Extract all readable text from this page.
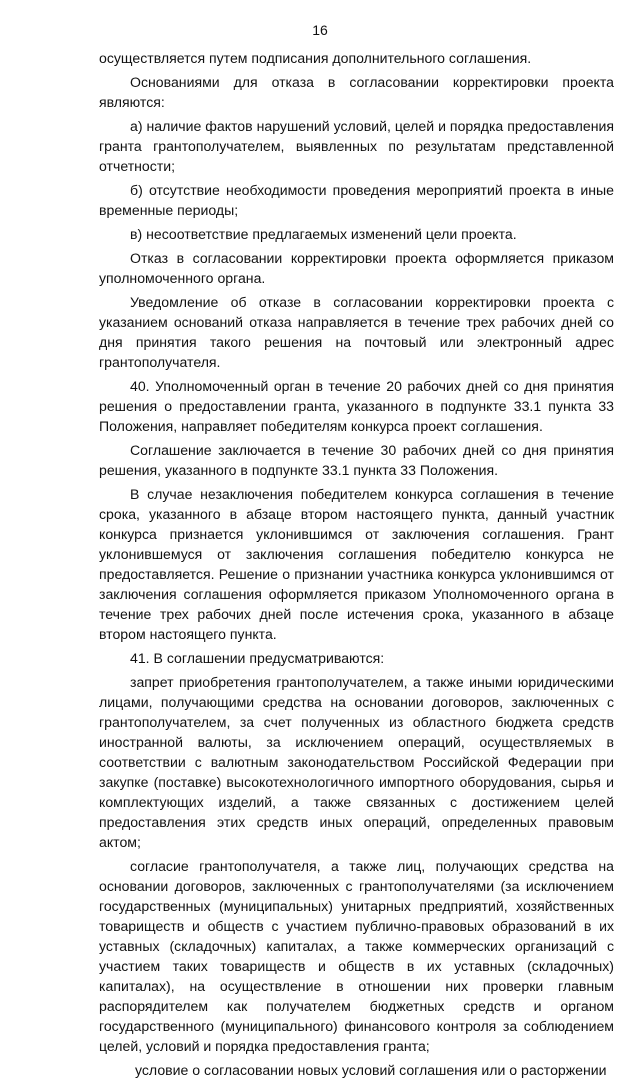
16

осуществляется путем подписания дополнительного соглашения.

Основаниями для отказа в согласовании корректировки проекта являются:

а) наличие фактов нарушений условий, целей и порядка предоставления гранта грантополучателем, выявленных по результатам представленной отчетности;

б) отсутствие необходимости проведения мероприятий проекта в иные временные периоды;

в) несоответствие предлагаемых изменений цели проекта.

Отказ в согласовании корректировки проекта оформляется приказом уполномоченного органа.

Уведомление об отказе в согласовании корректировки проекта с указанием оснований отказа направляется в течение трех рабочих дней со дня принятия такого решения на почтовый или электронный адрес грантополучателя.

40. Уполномоченный орган в течение 20 рабочих дней со дня принятия решения о предоставлении гранта, указанного в подпункте 33.1 пункта 33 Положения, направляет победителям конкурса проект соглашения.

Соглашение заключается в течение 30 рабочих дней со дня принятия решения, указанного в подпункте 33.1 пункта 33 Положения.

В случае незаключения победителем конкурса соглашения в течение срока, указанного в абзаце втором настоящего пункта, данный участник конкурса признается уклонившимся от заключения соглашения. Грант уклонившемуся от заключения соглашения победителю конкурса не предоставляется. Решение о признании участника конкурса уклонившимся от заключения соглашения оформляется приказом Уполномоченного органа в течение трех рабочих дней после истечения срока, указанного в абзаце втором настоящего пункта.

41. В соглашении предусматриваются:

запрет приобретения грантополучателем, а также иными юридическими лицами, получающими средства на основании договоров, заключенных с грантополучателем, за счет полученных из областного бюджета средств иностранной валюты, за исключением операций, осуществляемых в соответствии с валютным законодательством Российской Федерации при закупке (поставке) высокотехнологичного импортного оборудования, сырья и комплектующих изделий, а также связанных с достижением целей предоставления этих средств иных операций, определенных правовым актом;

согласие грантополучателя, а также лиц, получающих средства на основании договоров, заключенных с грантополучателями (за исключением государственных (муниципальных) унитарных предприятий, хозяйственных товариществ и обществ с участием публично-правовых образований в их уставных (складочных) капиталах, а также коммерческих организаций с участием таких товариществ и обществ в их уставных (складочных) капиталах), на осуществление в отношении них проверки главным распорядителем как получателем бюджетных средств и органом государственного (муниципального) финансового контроля за соблюдением целей, условий и порядка предоставления гранта;

условие о согласовании новых условий соглашения или о расторжении
